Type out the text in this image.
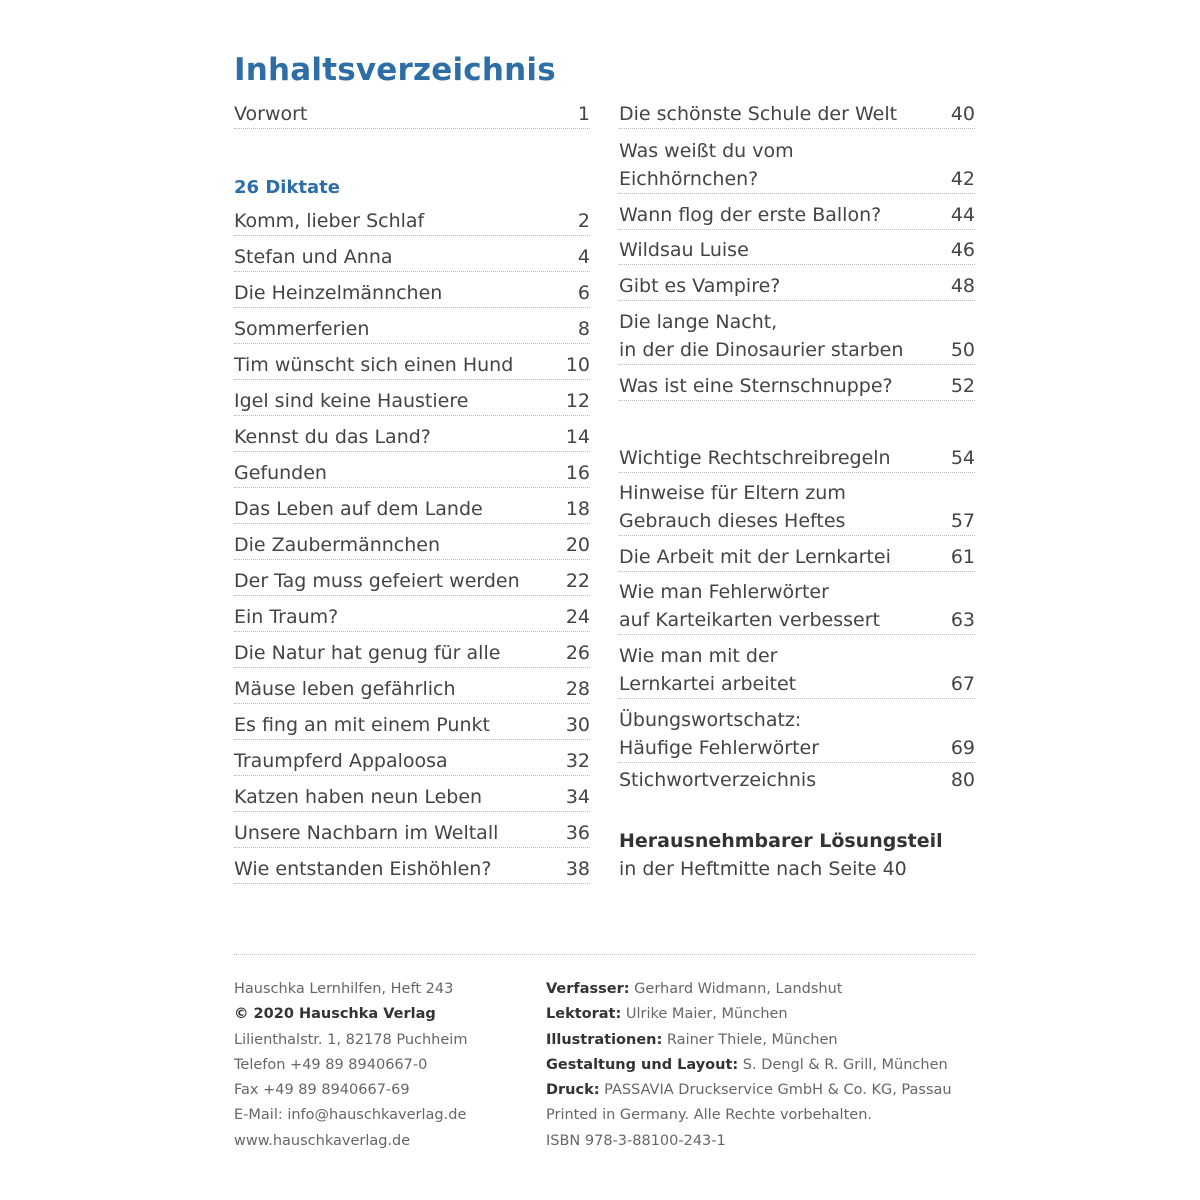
Inhaltsverzeichnis
Vorwort	1
26 Diktate
Komm, lieber Schlaf	2
Stefan und Anna	4
Die Heinzelmännchen	6
Sommerferien	8
Tim wünscht sich einen Hund	10
Igel sind keine Haustiere	12
Kennst du das Land?	14
Gefunden	16
Das Leben auf dem Lande	18
Die Zaubermännchen	20
Der Tag muss gefeiert werden	22
Ein Traum?	24
Die Natur hat genug für alle	26
Mäuse leben gefährlich	28
Es fing an mit einem Punkt	30
Traumpferd Appaloosa	32
Katzen haben neun Leben	34
Unsere Nachbarn im Weltall	36
Wie entstanden Eishöhlen?	38
Die schönste Schule der Welt	40
Was weißt du vom
Eichhörnchen?	42
Wann flog der erste Ballon?	44
Wildsau Luise	46
Gibt es Vampire?	48
Die lange Nacht,
in der die Dinosaurier starben	50
Was ist eine Sternschnuppe?	52
Wichtige Rechtschreibregeln	54
Hinweise für Eltern zum
Gebrauch dieses Heftes	57
Die Arbeit mit der Lernkartei	61
Wie man Fehlerwörter
auf Karteikarten verbessert	63
Wie man mit der
Lernkartei arbeitet	67
Übungswortschatz:
Häufige Fehlerwörter	69
Stichwortverzeichnis	80
Herausnehmbarer Lösungsteil
in der Heftmitte nach Seite 40
Hauschka Lernhilfen, Heft 243
© 2020 Hauschka Verlag
Lilienthalstr. 1, 82178 Puchheim
Telefon +49 89 8940667-0
Fax +49 89 8940667-69
E-Mail: info@hauschkaverlag.de
www.hauschkaverlag.de
Verfasser: Gerhard Widmann, Landshut
Lektorat: Ulrike Maier, München
Illustrationen: Rainer Thiele, München
Gestaltung und Layout: S. Dengl & R. Grill, München
Druck: PASSAVIA Druckservice GmbH & Co. KG, Passau
Printed in Germany. Alle Rechte vorbehalten.
ISBN 978-3-88100-243-1
